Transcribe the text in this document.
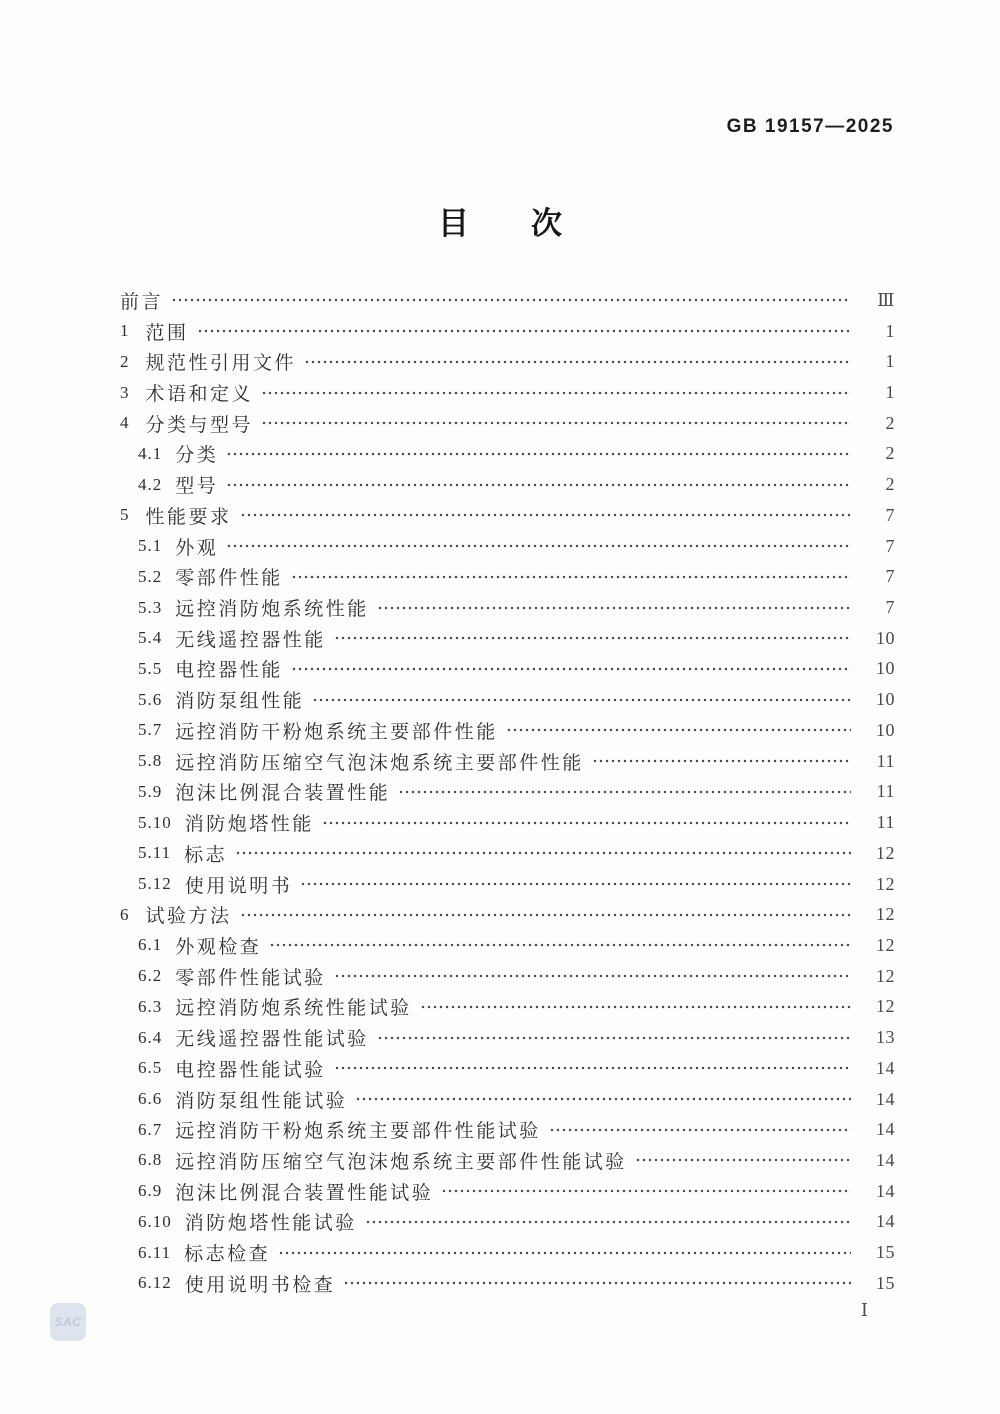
GB 19157—2025
目　　次
前言	Ⅲ
1 范围	1
2 规范性引用文件	1
3 术语和定义	1
4 分类与型号	2
4.1 分类	2
4.2 型号	2
5 性能要求	7
5.1 外观	7
5.2 零部件性能	7
5.3 远控消防炮系统性能	7
5.4 无线遥控器性能	10
5.5 电控器性能	10
5.6 消防泵组性能	10
5.7 远控消防干粉炮系统主要部件性能	10
5.8 远控消防压缩空气泡沫炮系统主要部件性能	11
5.9 泡沫比例混合装置性能	11
5.10 消防炮塔性能	11
5.11 标志	12
5.12 使用说明书	12
6 试验方法	12
6.1 外观检查	12
6.2 零部件性能试验	12
6.3 远控消防炮系统性能试验	12
6.4 无线遥控器性能试验	13
6.5 电控器性能试验	14
6.6 消防泵组性能试验	14
6.7 远控消防干粉炮系统主要部件性能试验	14
6.8 远控消防压缩空气泡沫炮系统主要部件性能试验	14
6.9 泡沫比例混合装置性能试验	14
6.10 消防炮塔性能试验	14
6.11 标志检查	15
6.12 使用说明书检查	15
Ⅰ
SAC
